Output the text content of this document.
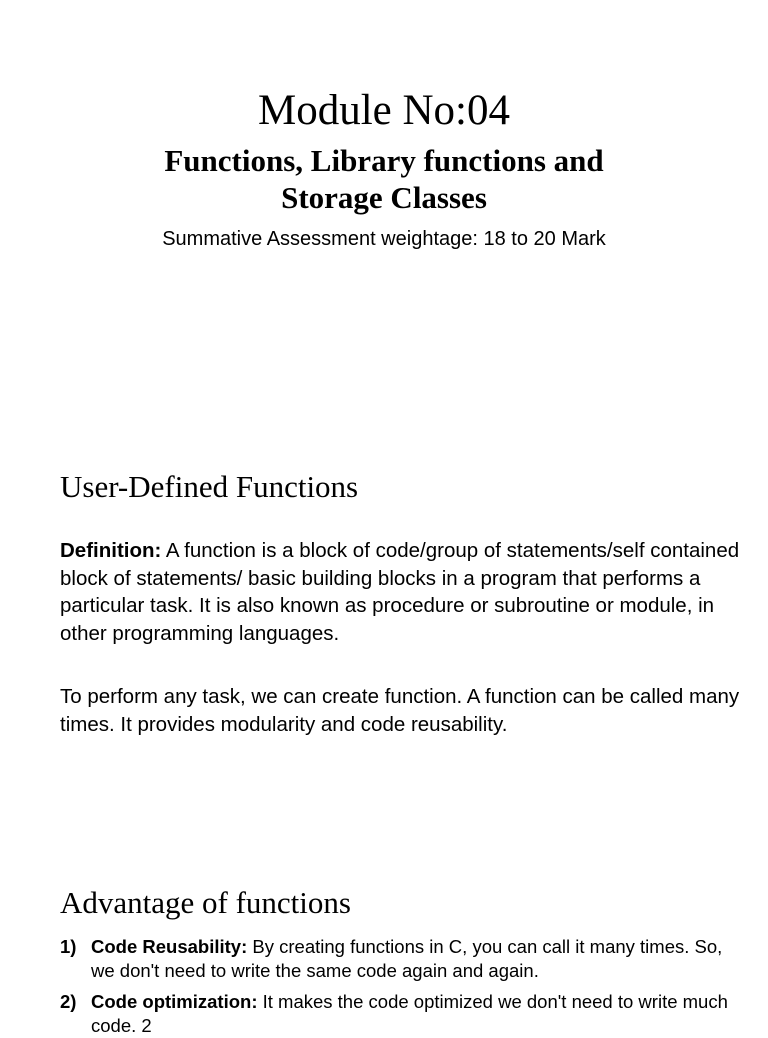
Module No:04
Functions, Library functions and
Storage Classes
Summative Assessment weightage: 18 to 20 Mark
User-Defined Functions
Definition: A function is a block of code/group of statements/self contained block of statements/ basic building blocks in a program that performs a particular task. It is also known as procedure or subroutine or module, in other programming languages.
To perform any task, we can create function. A function can be called many times. It provides modularity and code reusability.
Advantage of functions
1) Code Reusability: By creating functions in C, you can call it many times. So, we don't need to write the same code again and again.
2) Code optimization: It makes the code optimized we don't need to write much code. 2
